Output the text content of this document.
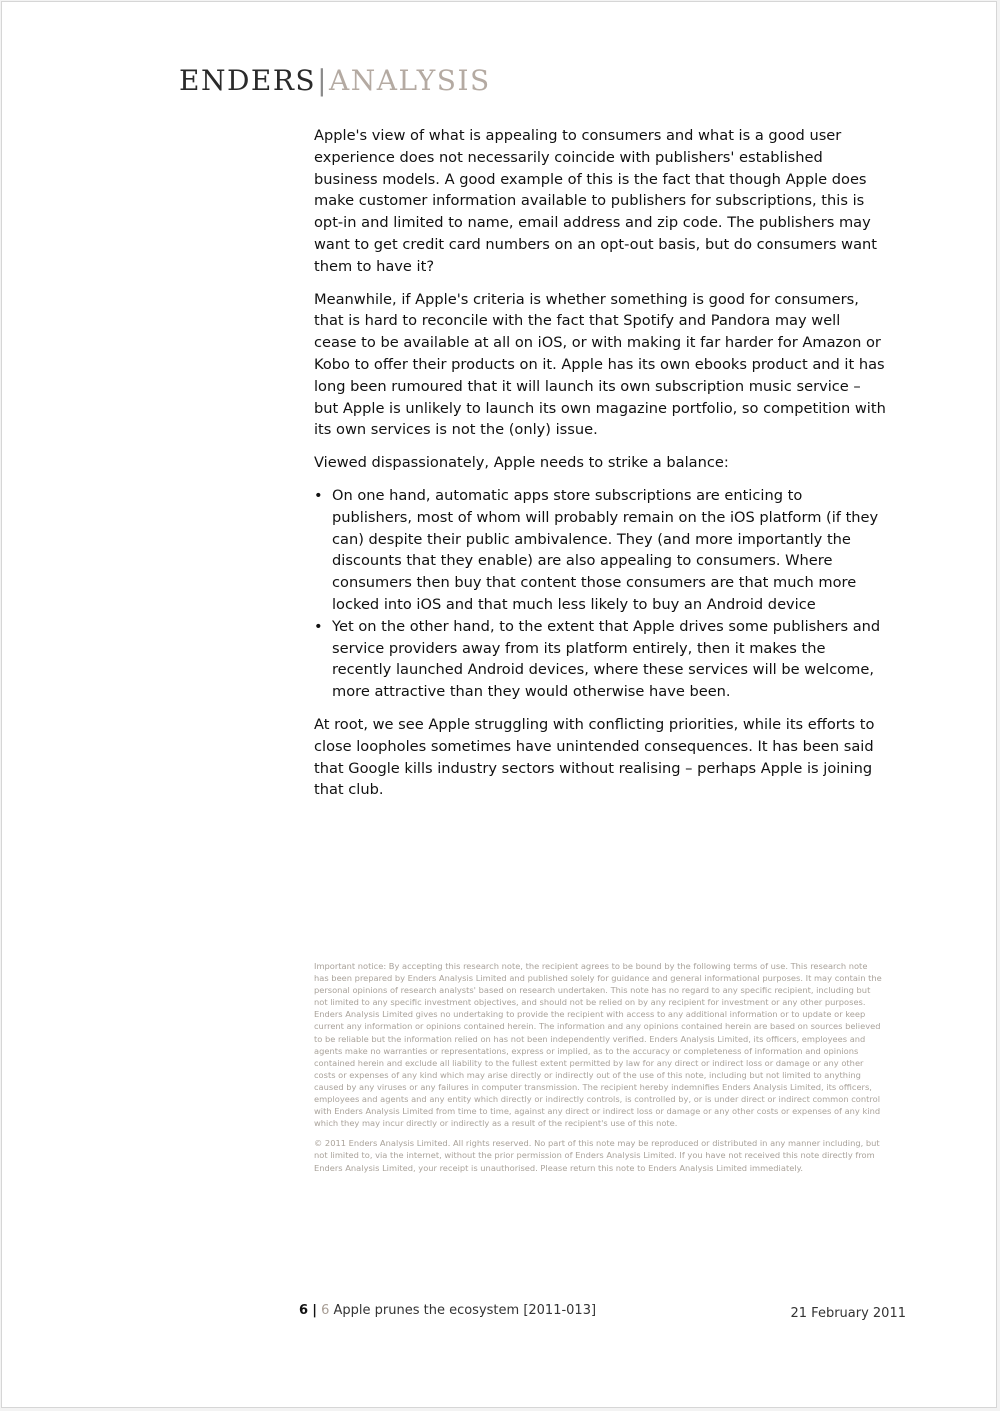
ENDERS|ANALYSIS

Apple's view of what is appealing to consumers and what is a good user experience does not necessarily coincide with publishers' established business models. A good example of this is the fact that though Apple does make customer information available to publishers for subscriptions, this is opt-in and limited to name, email address and zip code. The publishers may want to get credit card numbers on an opt-out basis, but do consumers want them to have it?

Meanwhile, if Apple's criteria is whether something is good for consumers, that is hard to reconcile with the fact that Spotify and Pandora may well cease to be available at all on iOS, or with making it far harder for Amazon or Kobo to offer their products on it. Apple has its own ebooks product and it has long been rumoured that it will launch its own subscription music service – but Apple is unlikely to launch its own magazine portfolio, so competition with its own services is not the (only) issue.

Viewed dispassionately, Apple needs to strike a balance:

• On one hand, automatic apps store subscriptions are enticing to publishers, most of whom will probably remain on the iOS platform (if they can) despite their public ambivalence. They (and more importantly the discounts that they enable) are also appealing to consumers. Where consumers then buy that content those consumers are that much more locked into iOS and that much less likely to buy an Android device
• Yet on the other hand, to the extent that Apple drives some publishers and service providers away from its platform entirely, then it makes the recently launched Android devices, where these services will be welcome, more attractive than they would otherwise have been.

At root, we see Apple struggling with conflicting priorities, while its efforts to close loopholes sometimes have unintended consequences. It has been said that Google kills industry sectors without realising – perhaps Apple is joining that club.

Important notice: By accepting this research note, the recipient agrees to be bound by the following terms of use. This research note has been prepared by Enders Analysis Limited and published solely for guidance and general informational purposes. It may contain the personal opinions of research analysts' based on research undertaken. This note has no regard to any specific recipient, including but not limited to any specific investment objectives, and should not be relied on by any recipient for investment or any other purposes. Enders Analysis Limited gives no undertaking to provide the recipient with access to any additional information or to update or keep current any information or opinions contained herein. The information and any opinions contained herein are based on sources believed to be reliable but the information relied on has not been independently verified. Enders Analysis Limited, its officers, employees and agents make no warranties or representations, express or implied, as to the accuracy or completeness of information and opinions contained herein and exclude all liability to the fullest extent permitted by law for any direct or indirect loss or damage or any other costs or expenses of any kind which may arise directly or indirectly out of the use of this note, including but not limited to anything caused by any viruses or any failures in computer transmission. The recipient hereby indemnifies Enders Analysis Limited, its officers, employees and agents and any entity which directly or indirectly controls, is controlled by, or is under direct or indirect common control with Enders Analysis Limited from time to time, against any direct or indirect loss or damage or any other costs or expenses of any kind which they may incur directly or indirectly as a result of the recipient's use of this note.

© 2011 Enders Analysis Limited. All rights reserved. No part of this note may be reproduced or distributed in any manner including, but not limited to, via the internet, without the prior permission of Enders Analysis Limited. If you have not received this note directly from Enders Analysis Limited, your receipt is unauthorised. Please return this note to Enders Analysis Limited immediately.

6 | 6 Apple prunes the ecosystem [2011-013]	21 February 2011
